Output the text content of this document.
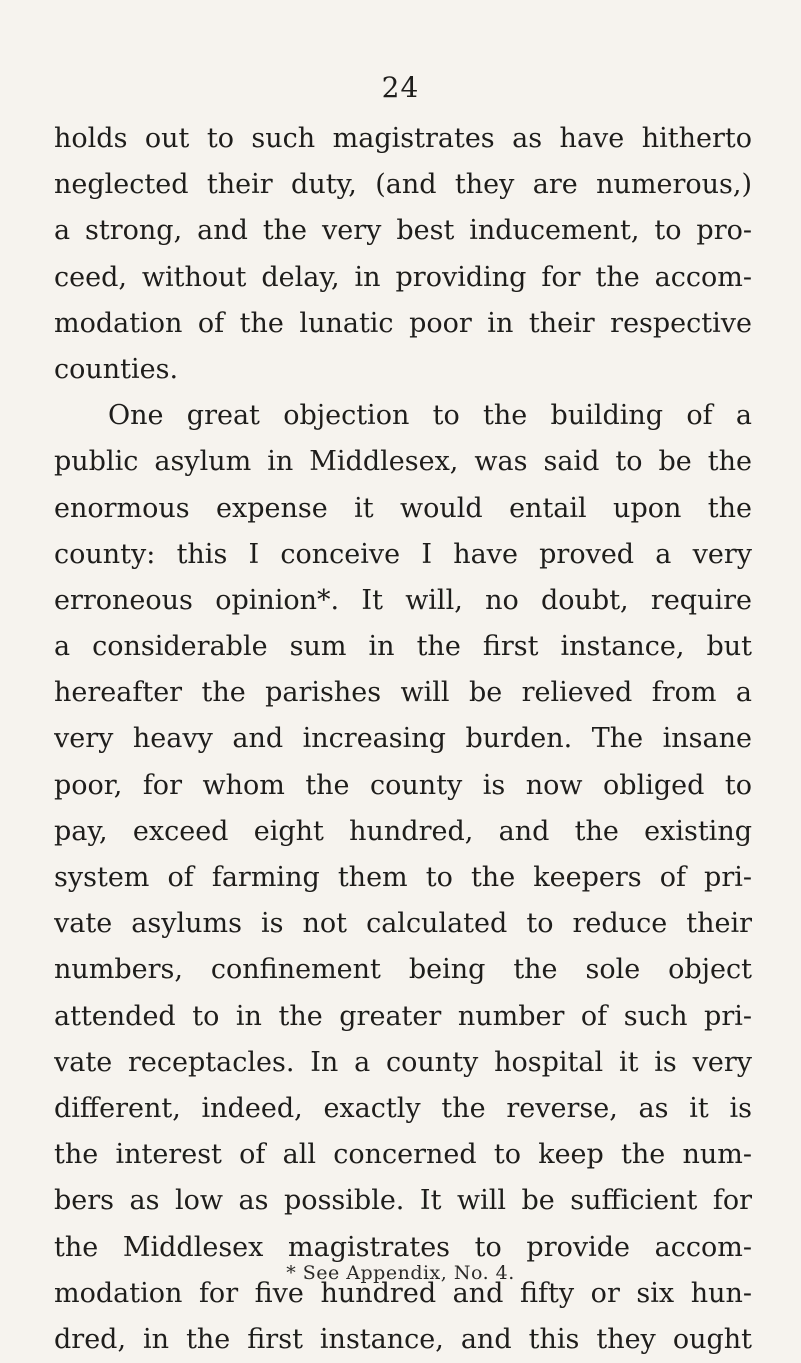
24
holds out to such magistrates as have hitherto
neglected their duty, (and they are numerous,)
a strong, and the very best inducement, to pro-
ceed, without delay, in providing for the accom-
modation of the lunatic poor in their respective
counties.
One great objection to the building of a
public asylum in Middlesex, was said to be the
enormous expense it would entail upon the
county: this I conceive I have proved a very
erroneous opinion*. It will, no doubt, require
a considerable sum in the first instance, but
hereafter the parishes will be relieved from a
very heavy and increasing burden. The insane
poor, for whom the county is now obliged to
pay, exceed eight hundred, and the existing
system of farming them to the keepers of pri-
vate asylums is not calculated to reduce their
numbers, confinement being the sole object
attended to in the greater number of such pri-
vate receptacles. In a county hospital it is very
different, indeed, exactly the reverse, as it is
the interest of all concerned to keep the num-
bers as low as possible. It will be sufficient for
the Middlesex magistrates to provide accom-
modation for five hundred and fifty or six hun-
dred, in the first instance, and this they ought
* See Appendix, No. 4.
